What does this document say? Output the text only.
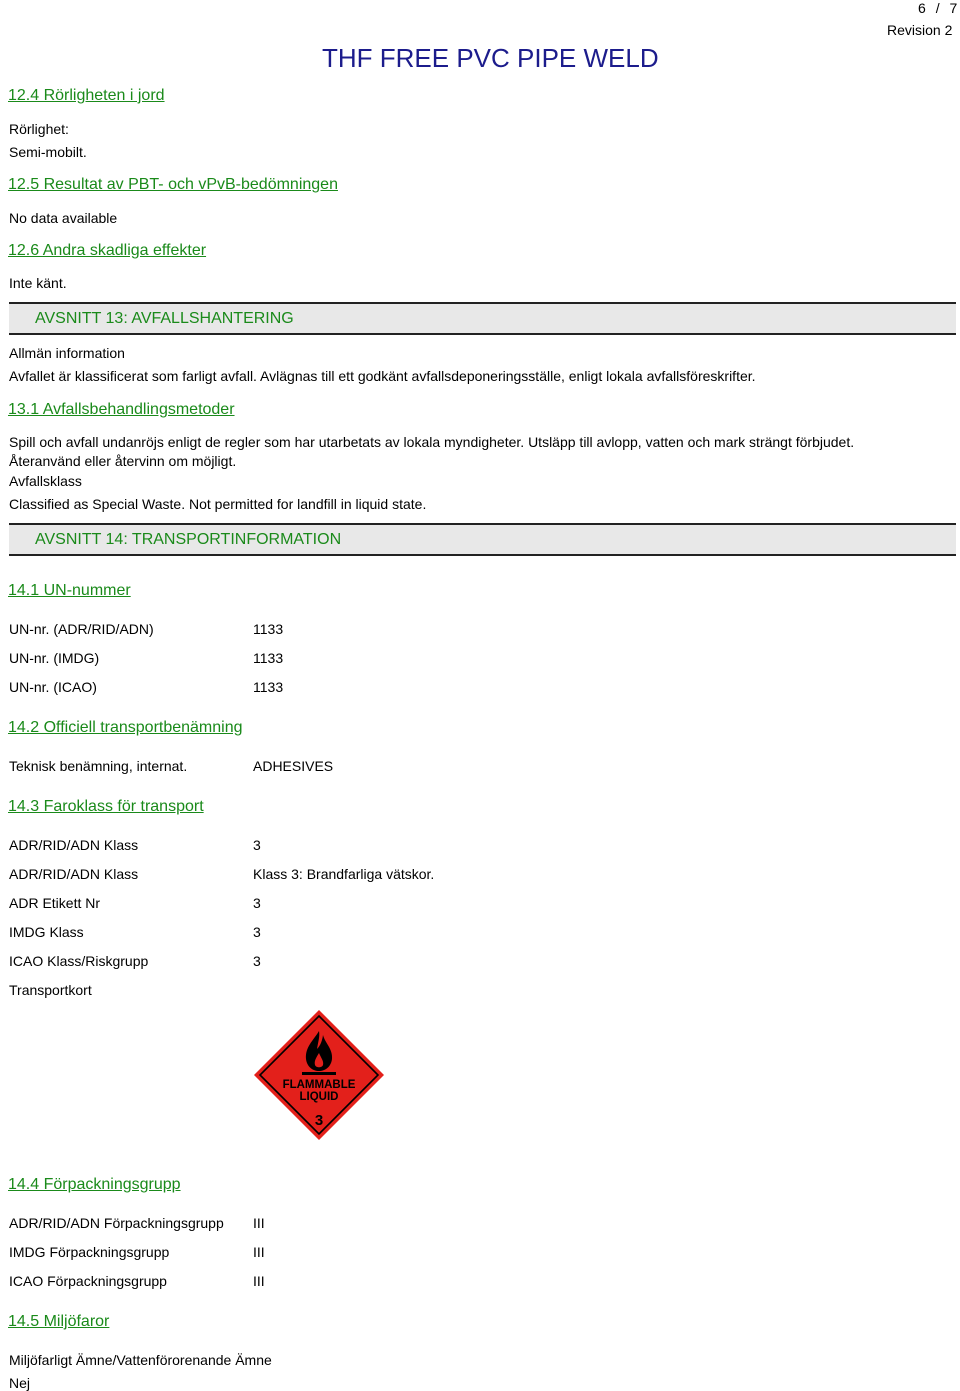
6 / 7
Revision 2
THF FREE PVC PIPE WELD
12.4 Rörligheten i jord
Rörlighet:
Semi-mobilt.
12.5 Resultat av PBT- och vPvB-bedömningen
No data available
12.6 Andra skadliga effekter
Inte känt.
AVSNITT 13: AVFALLSHANTERING
Allmän information
Avfallet är klassificerat som farligt avfall. Avlägnas till ett godkänt avfallsdeponeringsställe, enligt lokala avfallsföreskrifter.
13.1 Avfallsbehandlingsmetoder
Spill och avfall undanröjs enligt de regler som har utarbetats av lokala myndigheter. Utsläpp till avlopp, vatten och mark strängt förbjudet.
Återanvänd eller återvinn om möjligt.
Avfallsklass
Classified as Special Waste. Not permitted for landfill in liquid state.
AVSNITT 14: TRANSPORTINFORMATION
14.1 UN-nummer
UN-nr. (ADR/RID/ADN)	1133
UN-nr. (IMDG)	1133
UN-nr. (ICAO)	1133
14.2 Officiell transportbenämning
Teknisk benämning, internat.	ADHESIVES
14.3 Faroklass för transport
ADR/RID/ADN Klass	3
ADR/RID/ADN Klass	Klass 3: Brandfarliga vätskor.
ADR Etikett Nr	3
IMDG Klass	3
ICAO Klass/Riskgrupp	3
Transportkort
FLAMMABLE
LIQUID
3
14.4 Förpackningsgrupp
ADR/RID/ADN Förpackningsgrupp III
IMDG Förpackningsgrupp	III
ICAO Förpackningsgrupp	III
14.5 Miljöfaror
Miljöfarligt Ämne/Vattenförorenande Ämne
Nej
